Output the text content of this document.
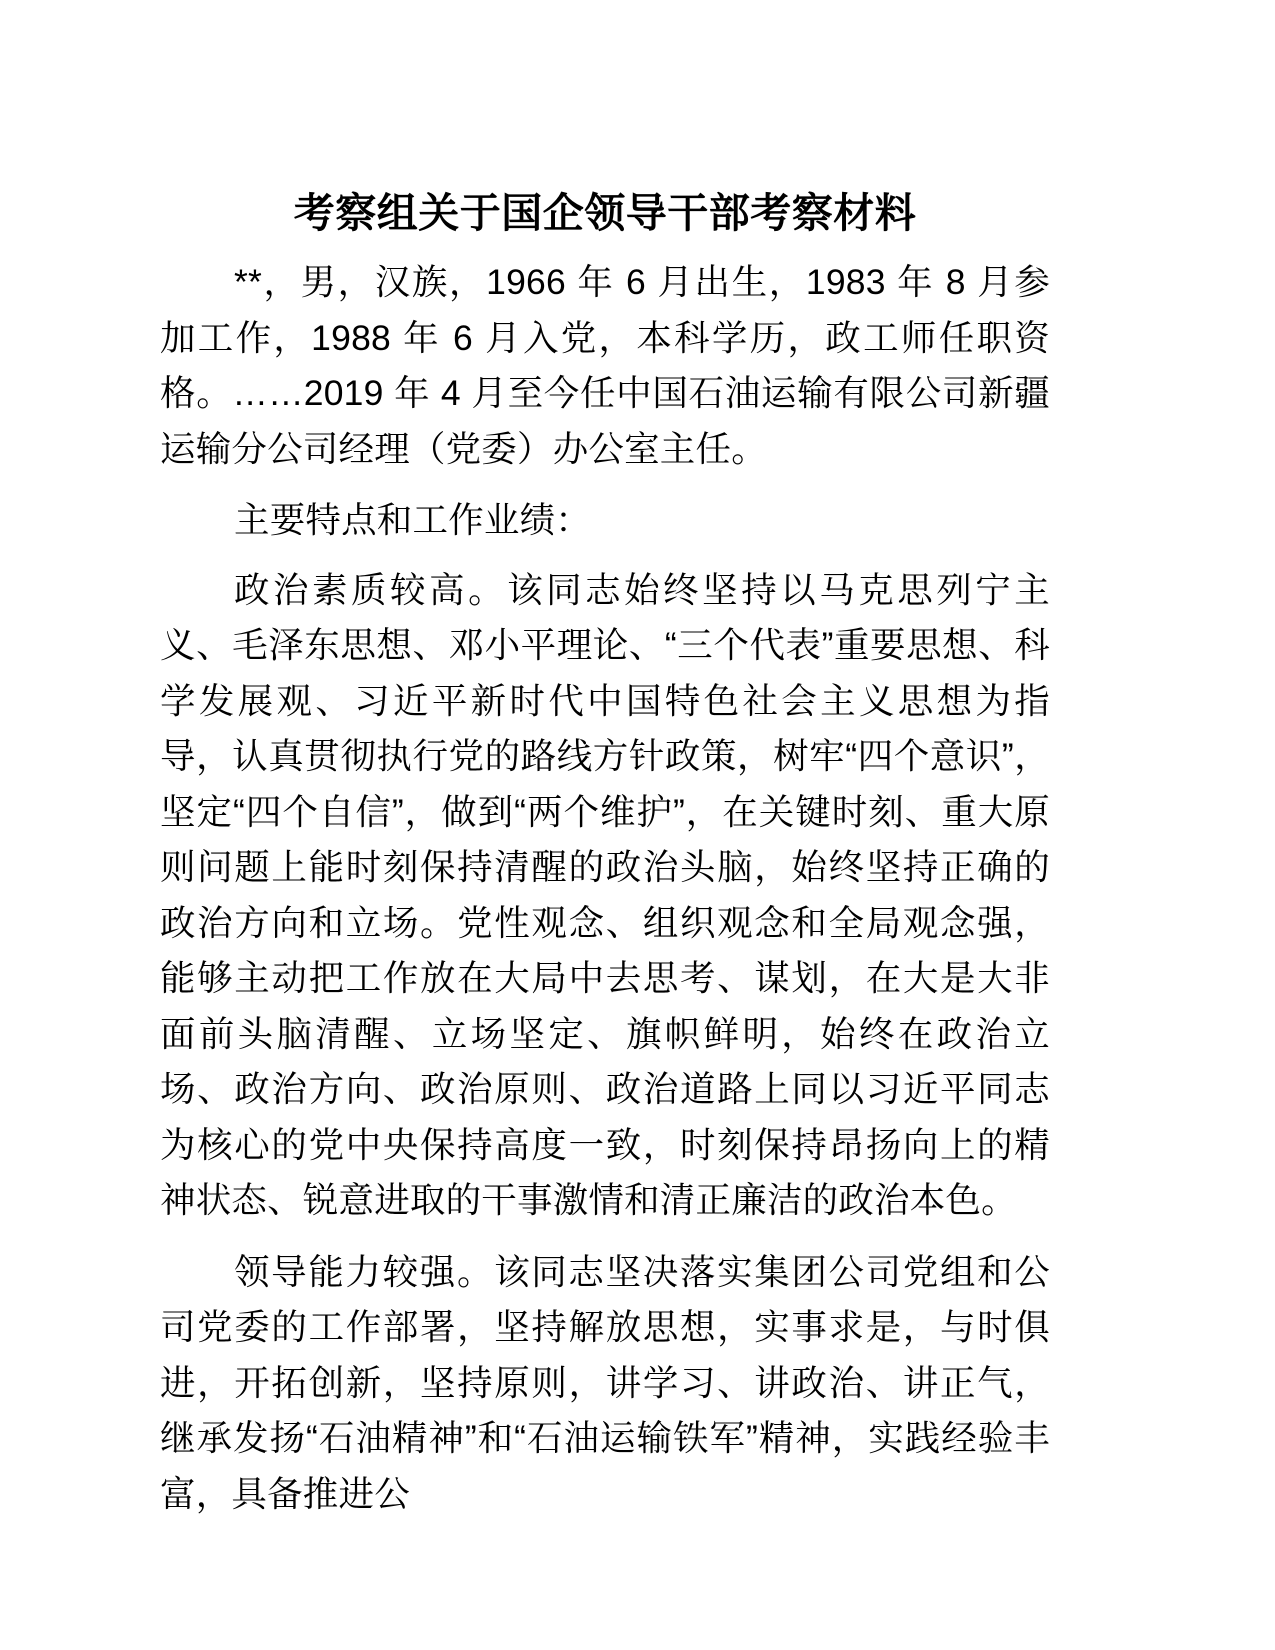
考察组关于国企领导干部考察材料

**，男，汉族，1966 年 6 月出生，1983 年 8 月参加工作，1988 年 6 月入党，本科学历，政工师任职资格。……2019 年 4 月至今任中国石油运输有限公司新疆运输分公司经理（党委）办公室主任。

主要特点和工作业绩：

政治素质较高。该同志始终坚持以马克思列宁主义、毛泽东思想、邓小平理论、“三个代表”重要思想、科学发展观、习近平新时代中国特色社会主义思想为指导，认真贯彻执行党的路线方针政策，树牢“四个意识”，坚定“四个自信”，做到“两个维护”，在关键时刻、重大原则问题上能时刻保持清醒的政治头脑，始终坚持正确的政治方向和立场。党性观念、组织观念和全局观念强，能够主动把工作放在大局中去思考、谋划，在大是大非面前头脑清醒、立场坚定、旗帜鲜明，始终在政治立场、政治方向、政治原则、政治道路上同以习近平同志为核心的党中央保持高度一致，时刻保持昂扬向上的精神状态、锐意进取的干事激情和清正廉洁的政治本色。

领导能力较强。该同志坚决落实集团公司党组和公司党委的工作部署，坚持解放思想，实事求是，与时俱进，开拓创新，坚持原则，讲学习、讲政治、讲正气，继承发扬“石油精神”和“石油运输铁军”精神，实践经验丰富，具备推进公
